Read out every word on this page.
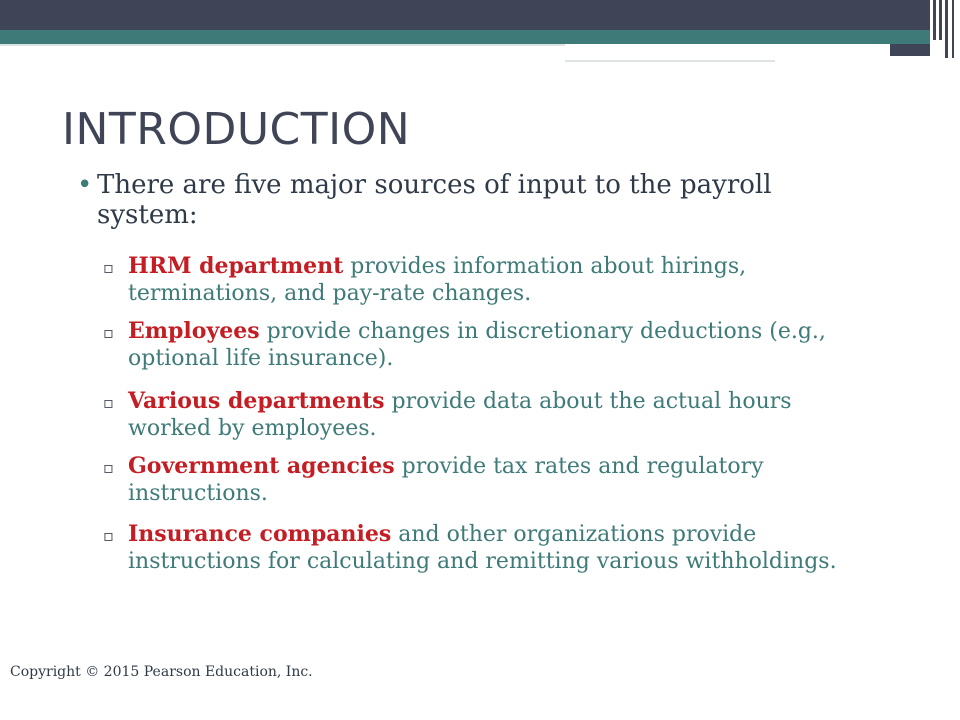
INTRODUCTION
• There are five major sources of input to the payroll system:
▫ HRM department provides information about hirings, terminations, and pay-rate changes.
▫ Employees provide changes in discretionary deductions (e.g., optional life insurance).
▫ Various departments provide data about the actual hours worked by employees.
▫ Government agencies provide tax rates and regulatory instructions.
▫ Insurance companies and other organizations provide instructions for calculating and remitting various withholdings.
Copyright © 2015 Pearson Education, Inc.
